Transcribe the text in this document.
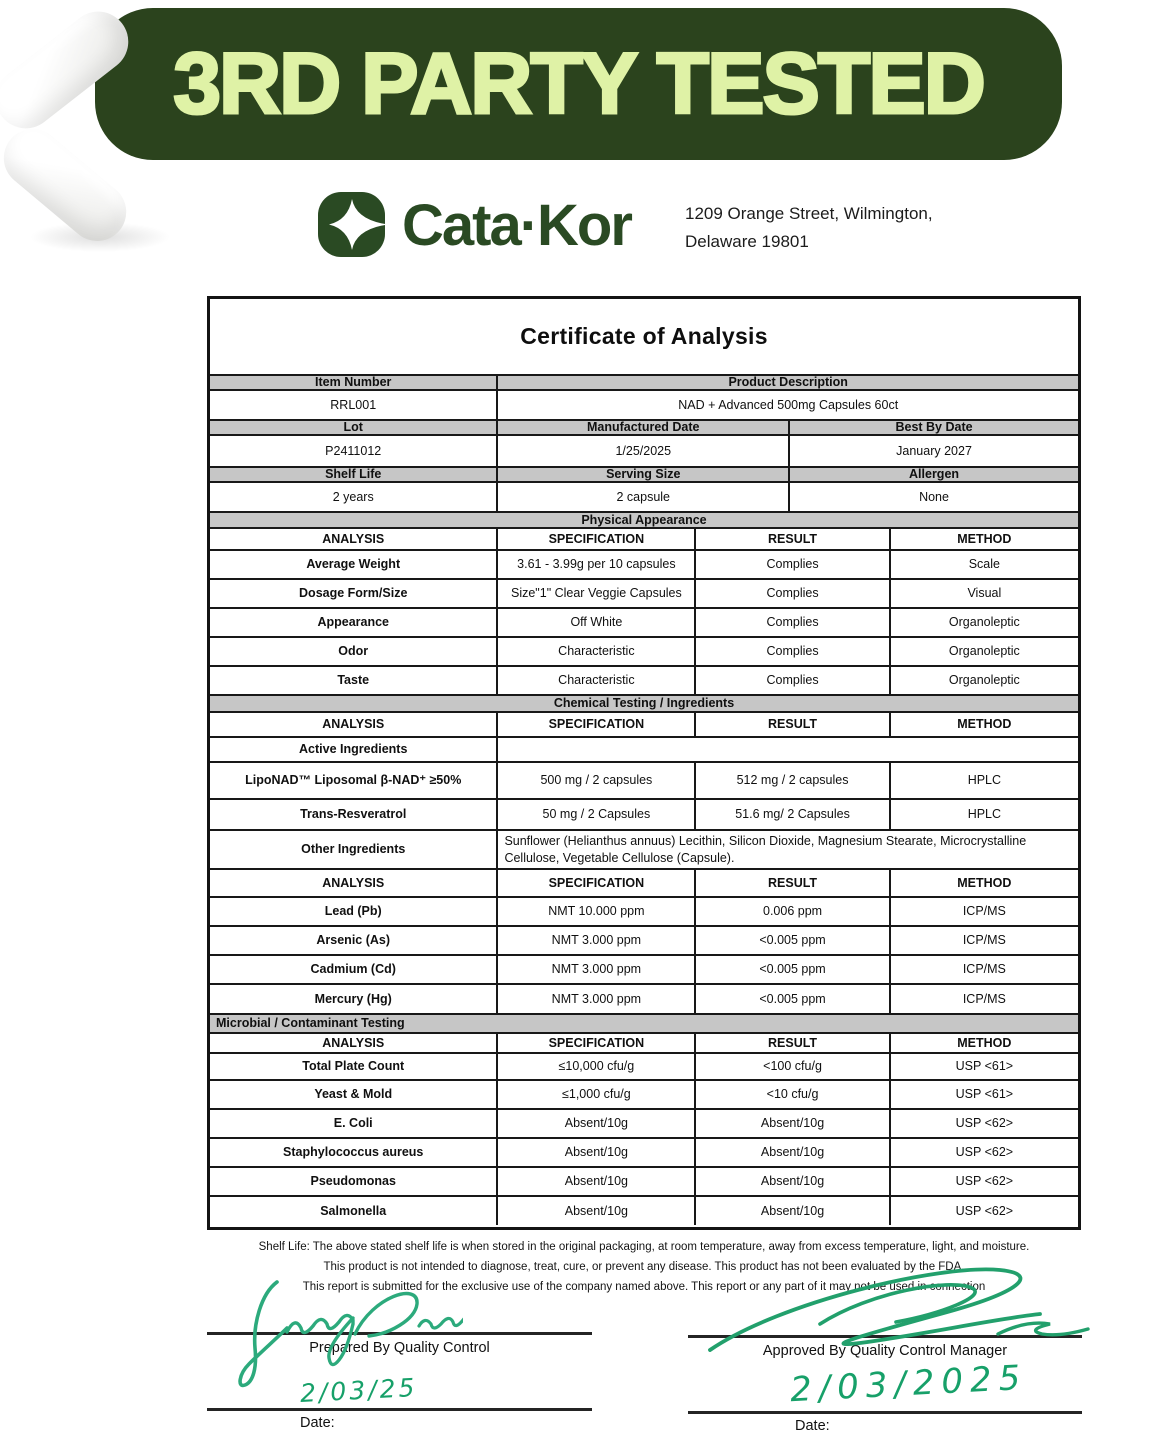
3RD PARTY TESTED
Cata·Kor	1209 Orange Street, Wilmington,
Delaware 19801
Certificate of Analysis
Item Number	Product Description
RRL001	NAD + Advanced 500mg Capsules 60ct
Lot	Manufactured Date	Best By Date
P2411012	1/25/2025	January 2027
Shelf Life	Serving Size	Allergen
2 years	2 capsule	None
Physical Appearance
ANALYSIS	SPECIFICATION	RESULT	METHOD
Average Weight	3.61 - 3.99g per 10 capsules	Complies	Scale
Dosage Form/Size	Size"1" Clear Veggie Capsules	Complies	Visual
Appearance	Off White	Complies	Organoleptic
Odor	Characteristic	Complies	Organoleptic
Taste	Characteristic	Complies	Organoleptic
Chemical Testing / Ingredients
ANALYSIS	SPECIFICATION	RESULT	METHOD
Active Ingredients
LipoNAD™ Liposomal β-NAD⁺ ≥50%	500 mg / 2 capsules	512 mg / 2 capsules	HPLC
Trans-Resveratrol	50 mg / 2 Capsules	51.6 mg/ 2 Capsules	HPLC
Other Ingredients
Sunflower (Helianthus annuus) Lecithin, Silicon Dioxide, Magnesium Stearate, Microcrystalline Cellulose, Vegetable Cellulose (Capsule).
ANALYSIS	SPECIFICATION	RESULT	METHOD
Lead (Pb)	NMT 10.000 ppm	0.006 ppm	ICP/MS
Arsenic (As)	NMT 3.000 ppm	<0.005 ppm	ICP/MS
Cadmium (Cd)	NMT 3.000 ppm	<0.005 ppm	ICP/MS
Mercury (Hg)	NMT 3.000 ppm	<0.005 ppm	ICP/MS
Microbial / Contaminant Testing
ANALYSIS	SPECIFICATION	RESULT	METHOD
Total Plate Count	≤10,000 cfu/g	<100 cfu/g	USP <61>
Yeast & Mold	≤1,000 cfu/g	<10 cfu/g	USP <61>
E. Coli	Absent/10g	Absent/10g	USP <62>
Staphylococcus aureus	Absent/10g	Absent/10g	USP <62>
Pseudomonas	Absent/10g	Absent/10g	USP <62>
Salmonella	Absent/10g	Absent/10g	USP <62>
Shelf Life: The above stated shelf life is when stored in the original packaging, at room temperature, away from excess temperature, light, and moisture.
This product is not intended to diagnose, treat, cure, or prevent any disease. This product has not been evaluated by the FDA.
This report is submitted for the exclusive use of the company named above. This report or any part of it may not be used in connection
Prepared By Quality Control	Approved By Quality Control Manager
2/03/25
Date:
2/03/2025
Date:
